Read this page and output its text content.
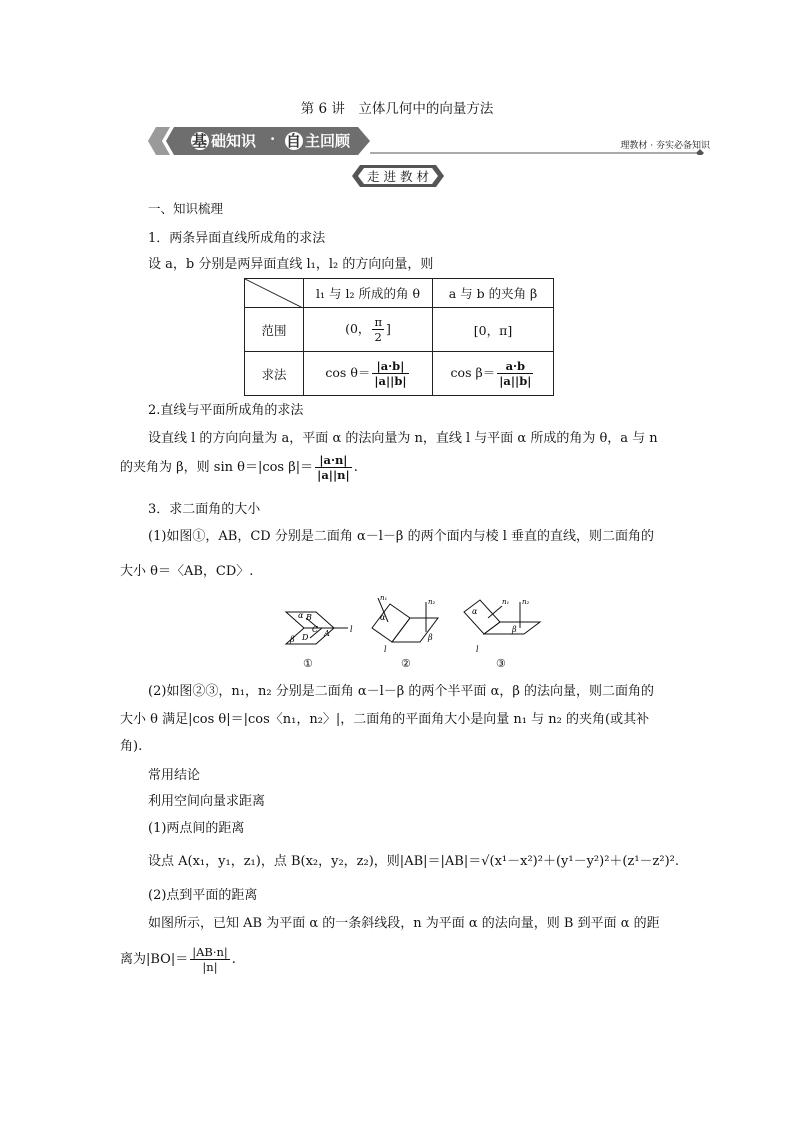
第 6 讲　立体几何中的向量方法
基 础知识 · 自 主回顾	理教材 · 夯实必备知识
走 进 教 材
一、知识梳理
1．两条异面直线所成角的求法
设 a，b 分别是两异面直线 l₁，l₂ 的方向向量，则
	l₁ 与 l₂ 所成的角 θ	a 与 b 的夹角 β
范围	(0， $\frac{\pi}{2}$ ]	[0，π]
求法	$\cos \theta= \frac{|a\cdot b|}{|a||b|}$	$\cos \beta= \frac{a\cdot b}{|a||b|}$
2.直线与平面所成角的求法
设直线 l 的方向向量为 a，平面 α 的法向量为 n，直线 l 与平面 α 所成的角为 θ，a 与 n
的夹角为 β，则 sin θ＝|cos $\beta|= \frac{|a\cdot n|}{|a||n|}$ .
3．求二面角的大小
(1)如图①，AB，CD 分别是二面角 α－l－β 的两个面内与棱 l 垂直的直线，则二面角的
大小 θ＝〈AB，CD〉.
α B
C A
β D
l
α
n₁	n₂
β
l
α
n₁ n₂
β
l
①	②	③
(2)如图②③，n₁，n₂ 分别是二面角 α－l－β 的两个半平面 α，β 的法向量，则二面角的
大小 θ 满足|cos θ|＝|cos〈n₁，n₂〉|，二面角的平面角大小是向量 n₁ 与 n₂ 的夹角(或其补
角).
常用结论
利用空间向量求距离
(1)两点间的距离
设点 A(x₁，y₁，z₁)，点 B(x₂，y₂，z₂)，则|AB|＝|AB|＝√(x¹－x²)²＋(y¹－y²)²＋(z¹－z²)².
(2)点到平面的距离
如图所示，已知 AB 为平面 α 的一条斜线段，n 为平面 α 的法向量，则 B 到平面 α 的距
离为$|BO|= \frac{|AB\cdot n|}{|n|}$ .
